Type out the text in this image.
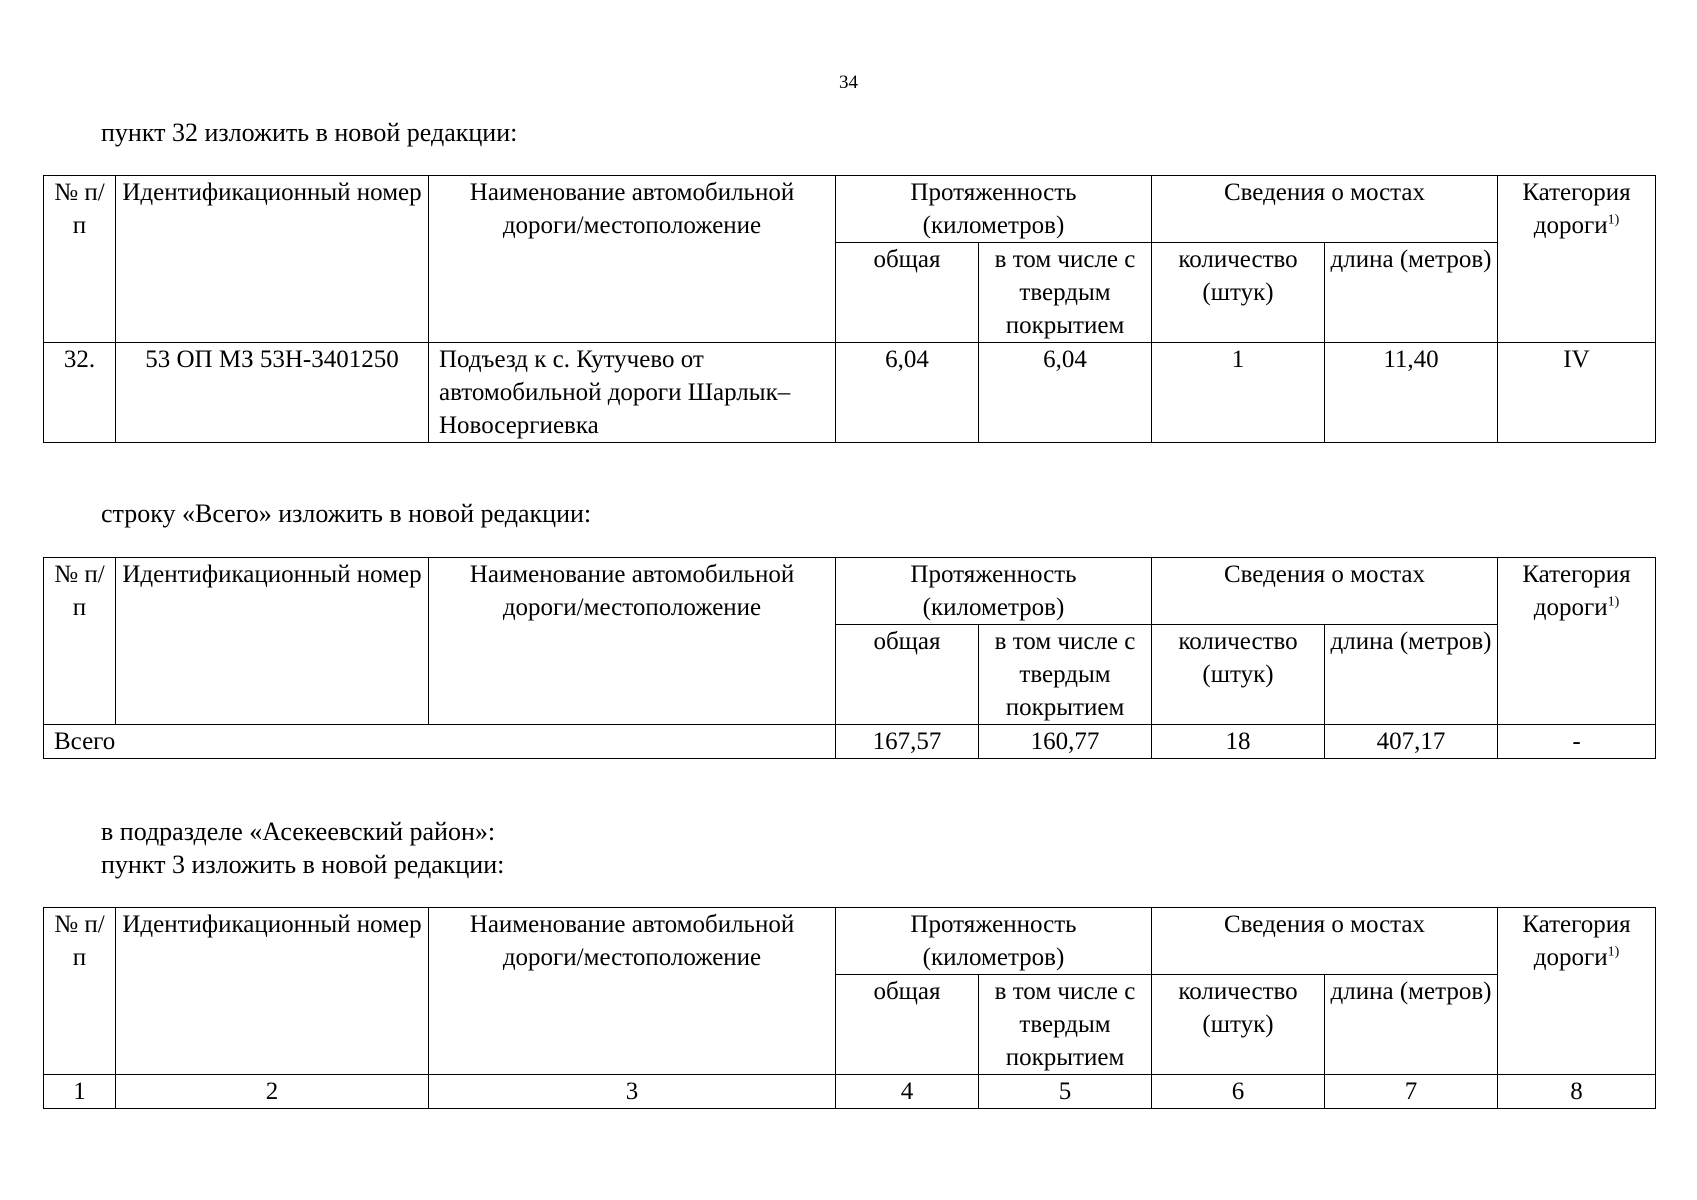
34
пункт 32 изложить в новой редакции:
№ п/п	Идентификационный номер	Наименование автомобильной дороги/местоположение	Протяженность (километров)		Сведения о мостах		Категория дороги$^{1)}$
			общая	в том числе с твердым покрытием	количество (штук)	длина (метров)	
32.	53 ОП МЗ 53Н-3401250	Подъезд к с. Кутучево от автомобильной дороги Шарлык–Новосергиевка	6,04	6,04	1	11,40	IV
строку «Всего» изложить в новой редакции:
№ п/п	Идентификационный номер	Наименование автомобильной дороги/местоположение	Протяженность (километров)		Сведения о мостах		Категория дороги$^{1)}$
			общая	в том числе с твердым покрытием	количество (штук)	длина (метров)	
Всего			167,57	160,77	18	407,17	-
в подразделе «Асекеевский район»:
пункт 3 изложить в новой редакции:
№ п/п	Идентификационный номер	Наименование автомобильной дороги/местоположение	Протяженность (километров)		Сведения о мостах		Категория дороги$^{1)}$
			общая	в том числе с твердым покрытием	количество (штук)	длина (метров)	
1	2	3	4	5	6	7	8
